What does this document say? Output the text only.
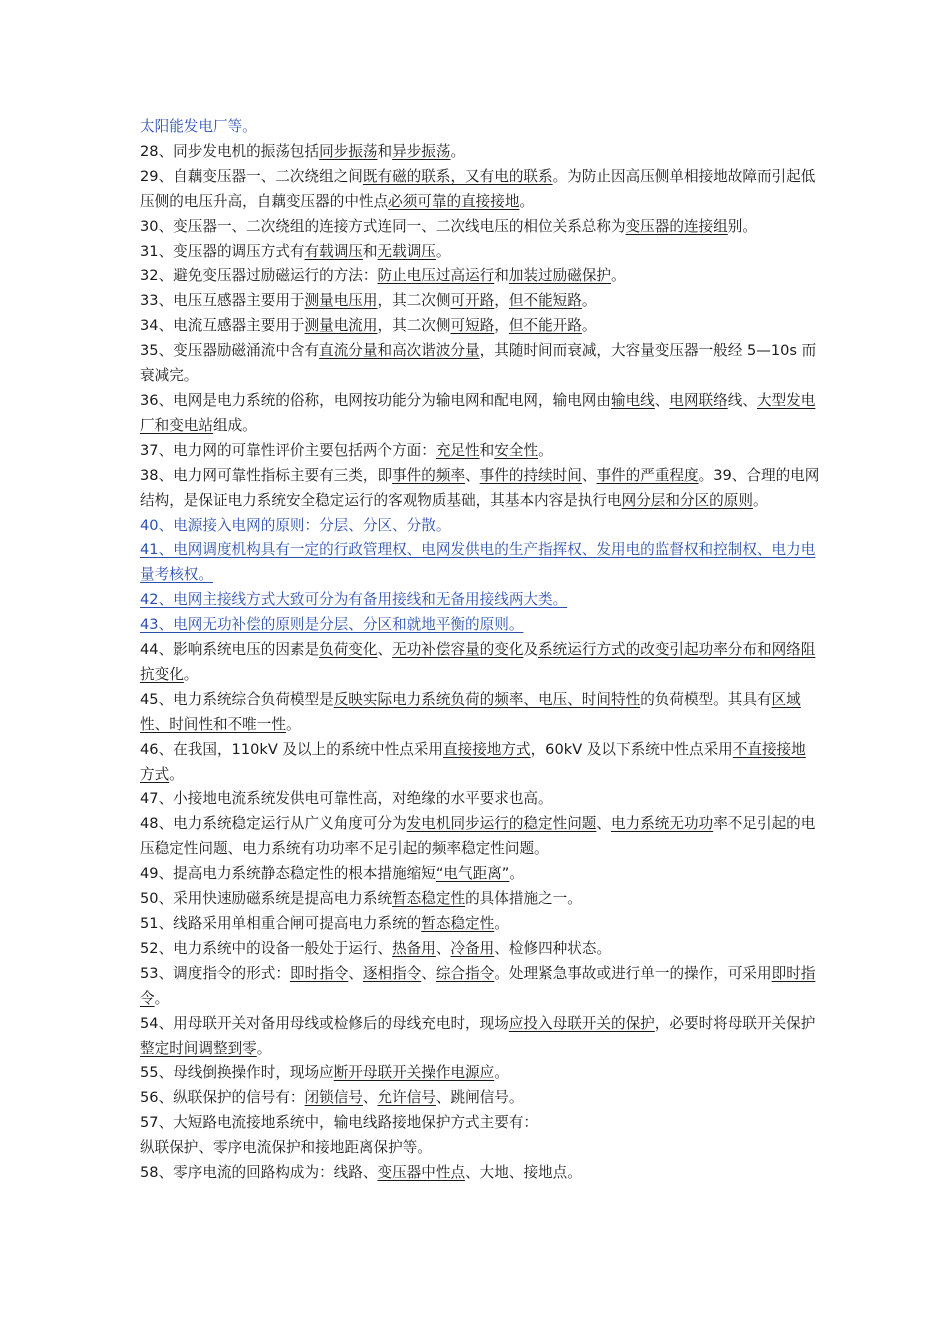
太阳能发电厂等。

28、同步发电机的振荡包括同步振荡和异步振荡。

29、自藕变压器一、二次绕组之间既有磁的联系，又有电的联系。为防止因高压侧单相接地故障而引起低压侧的电压升高，自藕变压器的中性点必须可靠的直接接地。

30、变压器一、二次绕组的连接方式连同一、二次线电压的相位关系总称为变压器的连接组别。

31、变压器的调压方式有有载调压和无载调压。

32、避免变压器过励磁运行的方法：防止电压过高运行和加装过励磁保护。

33、电压互感器主要用于测量电压用，其二次侧可开路，但不能短路。

34、电流互感器主要用于测量电流用，其二次侧可短路，但不能开路。

35、变压器励磁涌流中含有直流分量和高次谐波分量，其随时间而衰减，大容量变压器一般经 5—10s 而衰减完。

36、电网是电力系统的俗称，电网按功能分为输电网和配电网，输电网由输电线、电网联络线、大型发电厂和变电站组成。

37、电力网的可靠性评价主要包括两个方面：充足性和安全性。

38、电力网可靠性指标主要有三类，即事件的频率、事件的持续时间、事件的严重程度。39、合理的电网结构，是保证电力系统安全稳定运行的客观物质基础，其基本内容是执行电网分层和分区的原则。

40、电源接入电网的原则：分层、分区、分散。

41、电网调度机构具有一定的行政管理权、电网发供电的生产指挥权、发用电的监督权和控制权、电力电量考核权。

42、电网主接线方式大致可分为有备用接线和无备用接线两大类。

43、电网无功补偿的原则是分层、分区和就地平衡的原则。

44、影响系统电压的因素是负荷变化、无功补偿容量的变化及系统运行方式的改变引起功率分布和网络阻抗变化。

45、电力系统综合负荷模型是反映实际电力系统负荷的频率、电压、时间特性的负荷模型。其具有区域性、时间性和不唯一性。

46、在我国，110kV 及以上的系统中性点采用直接接地方式，60kV 及以下系统中性点采用不直接接地方式。

47、小接地电流系统发供电可靠性高，对绝缘的水平要求也高。

48、电力系统稳定运行从广义角度可分为发电机同步运行的稳定性问题、电力系统无功功率不足引起的电压稳定性问题、电力系统有功功率不足引起的频率稳定性问题。

49、提高电力系统静态稳定性的根本措施缩短“电气距离”。

50、采用快速励磁系统是提高电力系统暂态稳定性的具体措施之一。

51、线路采用单相重合闸可提高电力系统的暂态稳定性。

52、电力系统中的设备一般处于运行、热备用、冷备用、检修四种状态。

53、调度指令的形式：即时指令、逐相指令、综合指令。处理紧急事故或进行单一的操作，可采用即时指令。

54、用母联开关对备用母线或检修后的母线充电时，现场应投入母联开关的保护，必要时将母联开关保护整定时间调整到零。

55、母线倒换操作时，现场应断开母联开关操作电源应。

56、纵联保护的信号有：闭锁信号、允许信号、跳闸信号。

57、大短路电流接地系统中，输电线路接地保护方式主要有：

纵联保护、零序电流保护和接地距离保护等。

58、零序电流的回路构成为：线路、变压器中性点、大地、接地点。
